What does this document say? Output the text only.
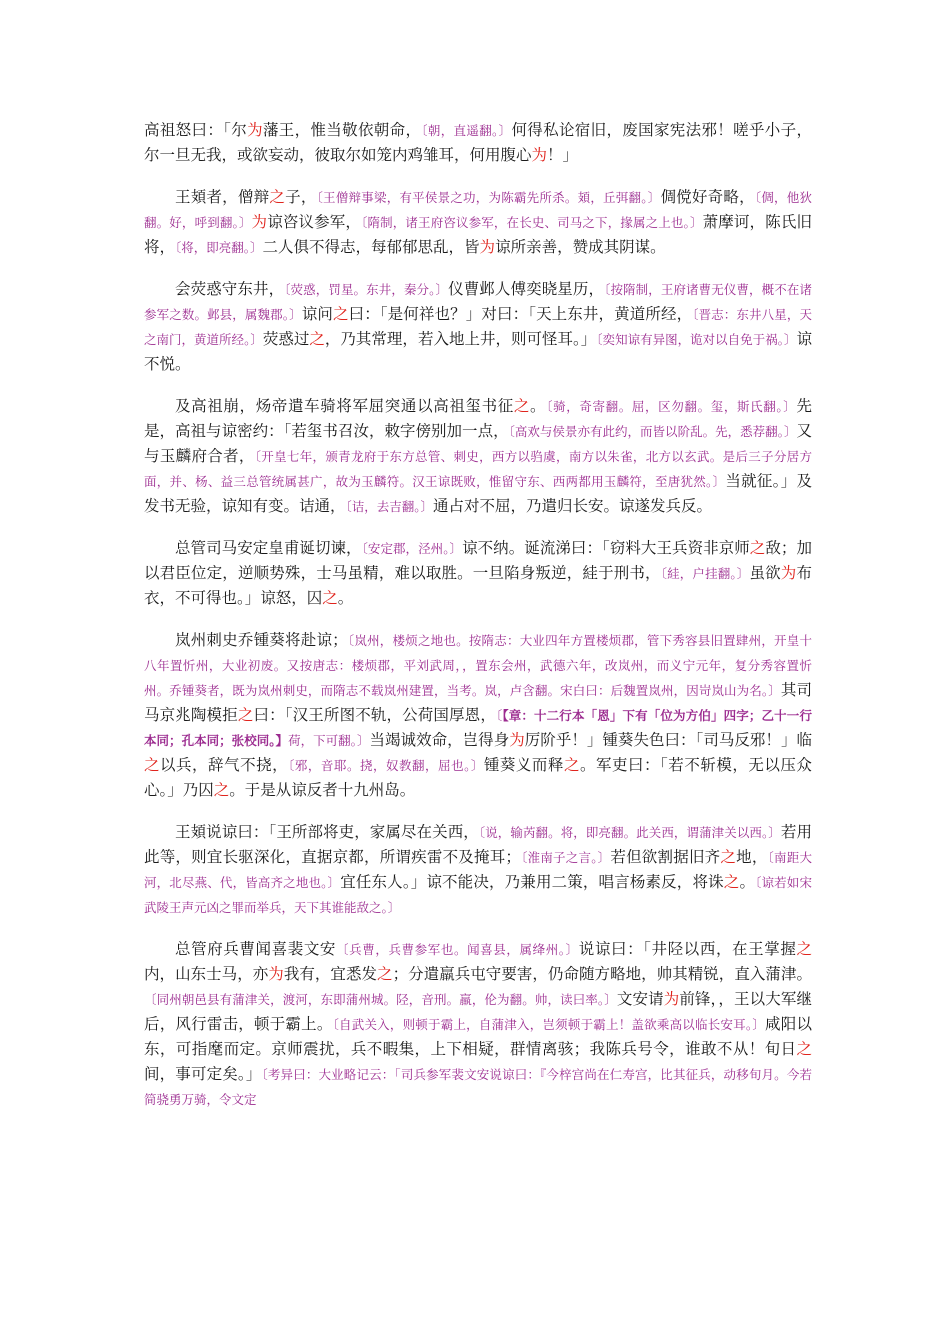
高祖怒曰：「尔为藩王，惟当敬依朝命，〔朝，直遥翻。〕何得私论宿旧，废国家宪法邪！嗟乎小子，尔一旦无我，或欲妄动，彼取尔如笼内鸡雏耳，何用腹心为！」

王頍者，僧辩之子，〔王僧辩事梁，有平侯景之功，为陈霸先所杀。頍，丘弭翻。〕倜傥好奇略，〔倜，他狄翻。好，呼到翻。〕为谅咨议参军，〔隋制，诸王府咨议参军，在长史、司马之下，掾属之上也。〕萧摩诃，陈氏旧将，〔将，即亮翻。〕二人俱不得志，每郁郁思乱，皆为谅所亲善，赞成其阴谋。

会荧惑守东井，〔荧惑，罚星。东井，秦分。〕仪曹邺人傅奕晓星历，〔按隋制，王府诸曹无仪曹，概不在诸参军之数。邺县，属魏郡。〕谅问之曰：「是何祥也？」对曰：「天上东井，黄道所经，〔晋志：东井八星，天之南门，黄道所经。〕荧惑过之，乃其常理，若入地上井，则可怪耳。」〔奕知谅有异图，诡对以自免于祸。〕谅不悦。

及高祖崩，炀帝遣车骑将军屈突通以高祖玺书征之。〔骑，奇寄翻。屈，区勿翻。玺，斯氏翻。〕先是，高祖与谅密约：「若玺书召汝，敕字傍别加一点，〔高欢与侯景亦有此约，而皆以阶乱。先，悉荐翻。〕又与玉麟府合者，〔开皇七年，颁青龙府于东方总管、刺史，西方以驺虞，南方以朱雀，北方以玄武。是后三子分居方面，并、杨、益三总管统属甚广，故为玉麟符。汉王谅既败，惟留守东、西两都用玉麟符，至唐犹然。〕当就征。」及发书无验，谅知有变。诘通，〔诘，去吉翻。〕通占对不屈，乃遣归长安。谅遂发兵反。

总管司马安定皇甫诞切谏，〔安定郡，泾州。〕谅不纳。诞流涕曰：「窃料大王兵资非京师之敌；加以君臣位定，逆顺势殊，士马虽精，难以取胜。一旦陷身叛逆，絓于刑书，〔絓，户挂翻。〕虽欲为布衣，不可得也。」谅怒，囚之。

岚州刺史乔锺葵将赴谅；〔岚州，楼烦之地也。按隋志：大业四年方置楼烦郡，管下秀容县旧置肆州，开皇十八年置忻州，大业初废。又按唐志：楼烦郡，平刘武周，，置东会州，武德六年，改岚州，而义宁元年，复分秀容置忻州。乔锺葵者，既为岚州刺史，而隋志不载岚州建置，当考。岚，卢含翻。宋白曰：后魏置岚州，因岢岚山为名。〕其司马京兆陶模拒之曰：「汉王所图不轨，公荷国厚恩，〔【章：十二行本「恩」下有「位为方伯」四字；乙十一行本同；孔本同；张校同。】荷，下可翻。〕当竭诚效命，岂得身为厉阶乎！」锺葵失色曰：「司马反邪！」临之以兵，辞气不挠，〔邪，音耶。挠，奴教翻，屈也。〕锺葵义而释之。军吏曰：「若不斩模，无以压众心。」乃囚之。于是从谅反者十九州岛。

王頍说谅曰：「王所部将吏，家属尽在关西，〔说，输芮翻。将，即亮翻。此关西，谓蒲津关以西。〕若用此等，则宜长驱深化，直据京都，所谓疾雷不及掩耳；〔淮南子之言。〕若但欲割据旧齐之地，〔南距大河，北尽燕、代，皆高齐之地也。〕宜任东人。」谅不能决，乃兼用二策，唱言杨素反，将诛之。〔谅若如宋武陵王声元凶之罪而举兵，天下其谁能敌之。〕

总管府兵曹闻喜裴文安〔兵曹，兵曹参军也。闻喜县，属绛州。〕说谅曰：「井陉以西，在王掌握之内，山东士马，亦为我有，宜悉发之；分遣羸兵屯守要害，仍命随方略地，帅其精锐，直入蒲津。〔同州朝邑县有蒲津关，渡河，东即蒲州城。陉，音刑。羸，伦为翻。帅，读曰率。〕文安请为前锋，，王以大军继后，风行雷击，顿于霸上。〔自武关入，则顿于霸上，自蒲津入，岂须顿于霸上！盖欲乘高以临长安耳。〕咸阳以东，可指麾而定。京师震扰，兵不暇集，上下相疑，群情离骇；我陈兵号令，谁敢不从！旬日之间，事可定矣。」〔考异曰：大业略记云：「司兵参军裴文安说谅曰：『今梓宫尚在仁寿宫，比其征兵，动移旬月。今若简骁勇万骑，令文定
